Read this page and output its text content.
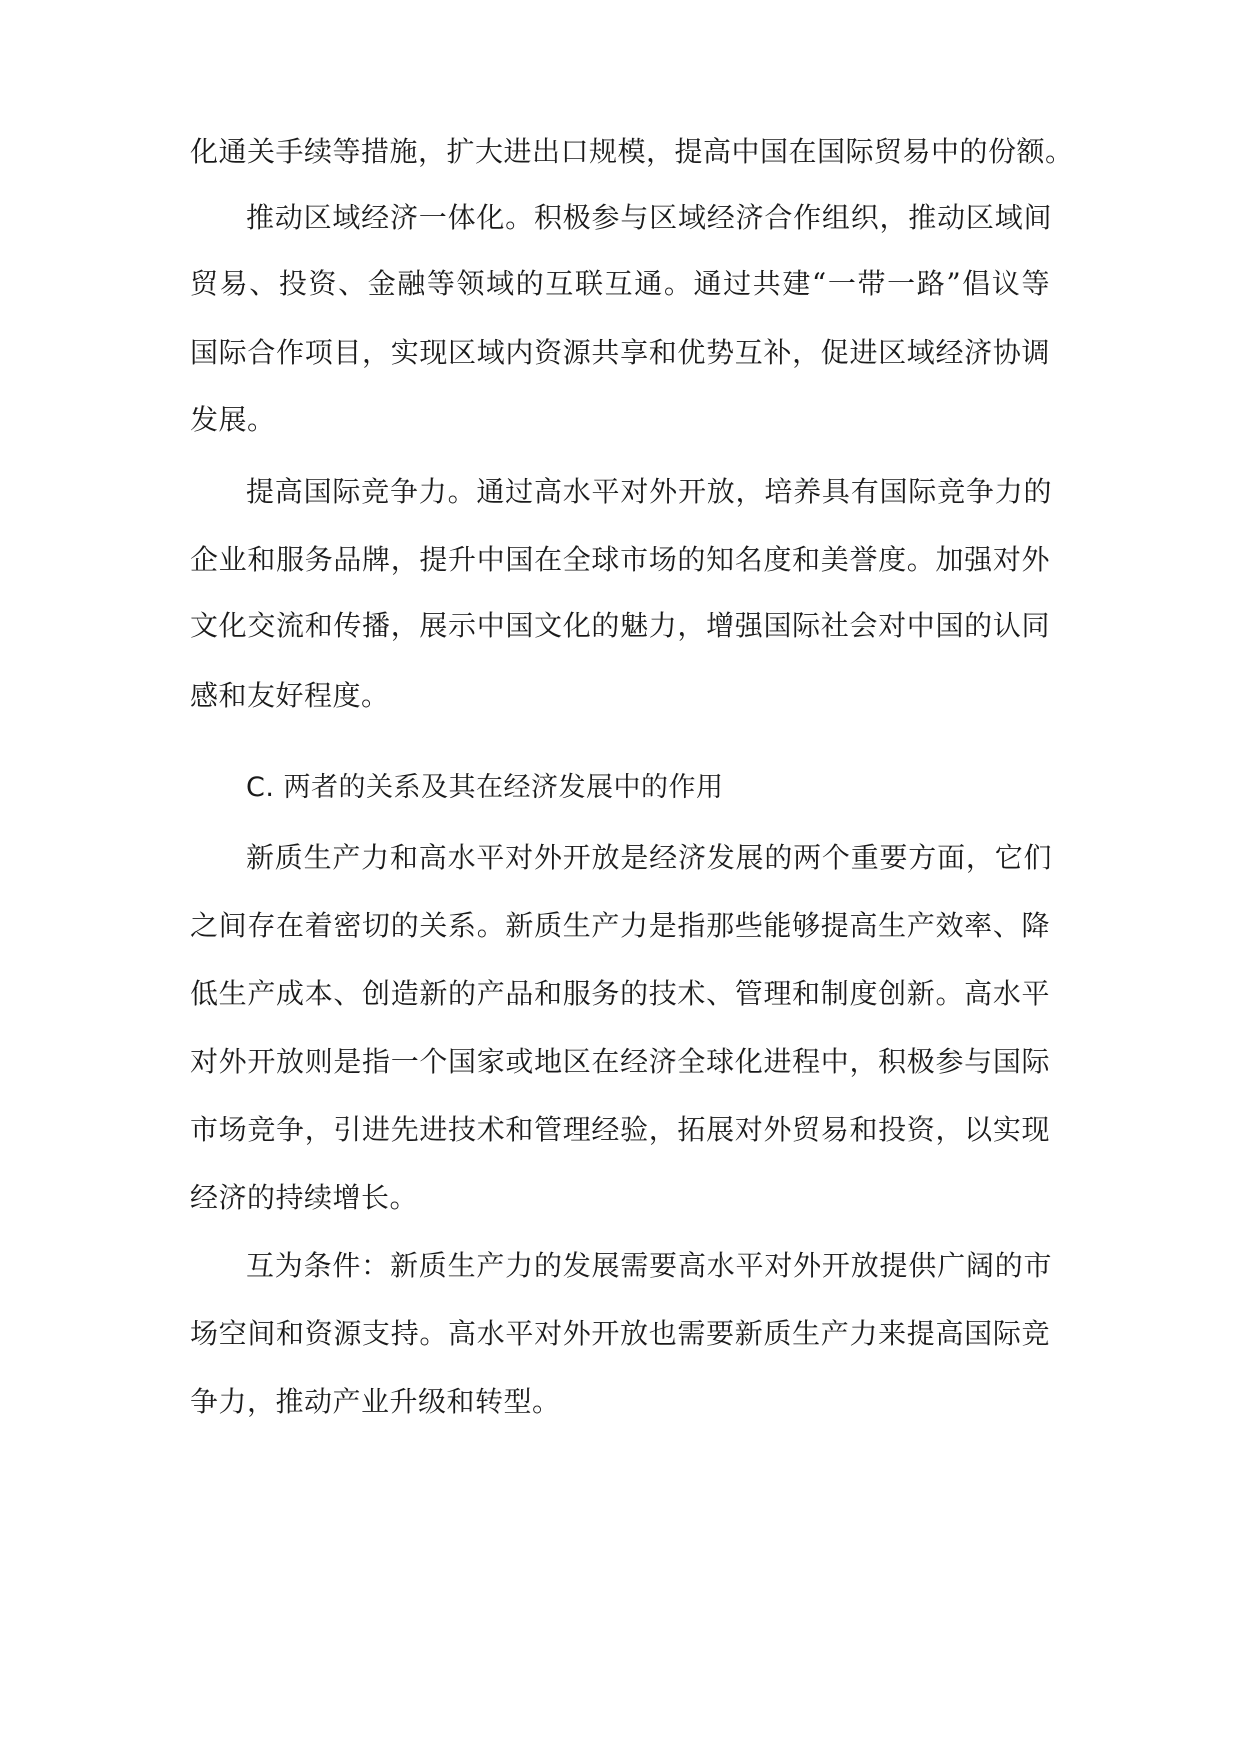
化通关手续等措施，扩大进出口规模，提高中国在国际贸易中的份额。
推动区域经济一体化。积极参与区域经济合作组织，推动区域间
贸易、投资、金融等领域的互联互通。通过共建“一带一路”倡议等
国际合作项目，实现区域内资源共享和优势互补，促进区域经济协调
发展。
提高国际竞争力。通过高水平对外开放，培养具有国际竞争力的
企业和服务品牌，提升中国在全球市场的知名度和美誉度。加强对外
文化交流和传播，展示中国文化的魅力，增强国际社会对中国的认同
感和友好程度。
C. 两者的关系及其在经济发展中的作用
新质生产力和高水平对外开放是经济发展的两个重要方面，它们
之间存在着密切的关系。新质生产力是指那些能够提高生产效率、降
低生产成本、创造新的产品和服务的技术、管理和制度创新。高水平
对外开放则是指一个国家或地区在经济全球化进程中，积极参与国际
市场竞争，引进先进技术和管理经验，拓展对外贸易和投资，以实现
经济的持续增长。
互为条件：新质生产力的发展需要高水平对外开放提供广阔的市
场空间和资源支持。高水平对外开放也需要新质生产力来提高国际竞
争力，推动产业升级和转型。
